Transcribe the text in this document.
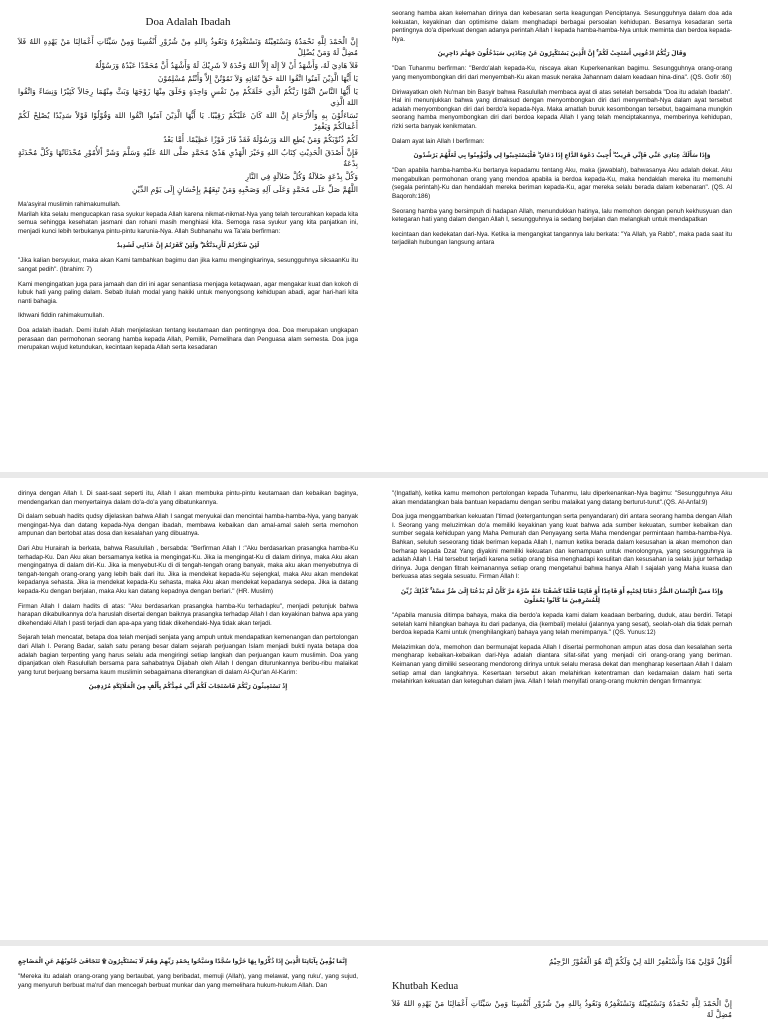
Doa Adalah Ibadah
إِنَّ الْحَمْدَ لِلَّهِ نَحْمَدُهُ وَنَسْتَعِيْنُهُ وَنَسْتَغْفِرُهُ وَنَعُوذُ بِاللهِ مِنْ شُرُوْرِ أَنْفُسِنَا وَمِنْ سَيِّئَاتِ أَعْمَالِنَا مَنْ يَهْدِهِ اللهُ فَلاَ مُضِلَّ لَهُ وَمَنْ يُضْلِلْ
فَلاَ هَادِيَ لَهُ، وَأَشْهَدُ أَنْ لاَ إِلَهَ إِلاَّ اللهُ وَحْدَهُ لاَ شَرِيْكَ لَهُ وَأَشْهَدُ أَنَّ مُحَمَّدًا عَبْدُهُ وَرَسُوْلُهُ
يَا أَيُّهَا الَّذِيْنَ آمَنُوا اتَّقُوا اللهَ حَقَّ تُقَاتِهِ وَلاَ تَمُوْتُنَّ إِلاَّ وَأَنْتُمْ مُسْلِمُوْنَ
يَا أَيُّهَا النَّاسُ اتَّقُوْا رَبَّكُمُ الَّذِي خَلَقَكُمْ مِنْ نَفْسٍ وَاحِدَةٍ وَخَلَقَ مِنْهَا زَوْجَهَا وَبَثَّ مِنْهُمَا رِجَالاً كَثِيْرًا وَنِسَاءً وَاتَّقُوا اللهَ الَّذِي
تَسَاءَلُوْنَ بِهِ وَاْلأَرْحَامَ إِنَّ اللهَ كَانَ عَلَيْكُمْ رَقِيْبًا. يَا أَيُّهَا الَّذِيْنَ آمَنُوا اتَّقُوا اللهَ وَقُوْلُوْا قَوْلاً سَدِيْدًا يُصْلِحْ لَكُمْ أَعْمَالَكُمْ وَيَغْفِرْ
لَكُمْ ذُنُوْبَكُمْ وَمَنْ يُطِعِ اللهَ وَرَسُوْلَهُ فَقَدْ فَازَ فَوْزًا عَظِيْمًا. أَمَّا بَعْدُ
فَإِنَّ أَصْدَقَ الْحَدِيْثِ كِتَابُ اللهِ وَخَيْرَ الْهَدْيِ هَدْيُ مُحَمَّدٍ صَلَّى اللهُ عَلَيْهِ وَسَلَّمَ وَشَرَّ اْلأُمُوْرِ مُحْدَثَاتُهَا وَكُلَّ مُحْدَثَةٍ بِدْعَةٌ
وَكُلَّ بِدْعَةٍ ضَلاَلَةٌ وَكُلَّ ضَلاَلَةٍ فِي النَّارِ
اللَّهُمَّ صَلِّ عَلَى مُحَمَّدٍ وَعَلَى آلِهِ وَصَحْبِهِ وَمَنْ تَبِعَهُمْ بِإِحْسَانٍ إِلَى يَوْمِ الدِّيْنِ

Ma'asyiral muslimin rahimakumullah.

Marilah kita selalu mengucapkan rasa syukur kepada Allah karena nikmat-nikmat-Nya yang telah tercurahkan kepada kita semua sehingga kesehatan jasmani dan rohani masih menghiasi kita. Semoga rasa syukur yang kita panjatkan ini, menjadi kunci lebih terbukanya pintu-pintu karunia-Nya. Allah Subhanahu wa Ta'ala berfirman:

لَئِنْ شَكَرْتُمْ لَأَزِيدَنَّكُمْ ۖ وَلَئِنْ كَفَرْتُمْ إِنَّ عَذَابِي لَشَدِيدٌ

"Jika kalian bersyukur, maka akan Kami tambahkan bagimu dan jika kamu mengingkarinya, sesungguhnya siksaanKu itu sangat pedih". (Ibrahim: 7)

Kami mengingatkan juga para jamaah dan diri ini agar senantiasa menjaga ketaqwaan, agar mengakar kuat dan kokoh di lubuk hati yang paling dalam. Sebab itulah modal yang hakiki untuk menyongsong kehidupan abadi, agar hari-hari kita nanti bahagia.

Ikhwani fiddin rahimakumullah.

Doa adalah ibadah. Demi itulah Allah menjelaskan tentang keutamaan dan pentingnya doa. Doa merupakan ungkapan perasaan dan permohonan seorang hamba kepada Allah, Pemilik, Pemelihara dan Penguasa alam semesta. Doa juga merupakan wujud ketundukan, kecintaan kepada Allah serta kesadaran

seorang hamba akan kelemahan dirinya dan kebesaran serta keagungan Penciptanya. Sesungguhnya dalam doa ada kekuatan, keyakinan dan optimisme dalam menghadapi berbagai persoalan kehidupan. Besarnya kesadaran serta pentingnya do'a diperkuat dengan adanya perintah Allah I kepada hamba-hamba-Nya untuk meminta dan berdoa kepada-Nya.

وَقَالَ رَبُّكُمُ ادْعُونِي أَسْتَجِبْ لَكُمْ ۚ إِنَّ الَّذِينَ يَسْتَكْبِرُونَ عَنْ عِبَادَتِي سَيَدْخُلُونَ جَهَنَّمَ دَاخِرِينَ

"Dan Tuhanmu berfirman: "Berdo'alah kepada-Ku, niscaya akan Kuperkenankan bagimu. Sesungguhnya orang-orang yang menyombongkan diri dari menyembah-Ku akan masuk neraka Jahannam dalam keadaan hina-dina". (QS. Gofir :60)

Diriwayatkan oleh Nu'man bin Basyir bahwa Rasulullah membaca ayat di atas setelah bersabda "Doa itu adalah Ibadah". Hal ini menunjukkan bahwa yang dimaksud dengan menyombongkan diri dari menyembah-Nya dalam ayat tersebut adalah menyombongkan diri dari berdo'a kepada-Nya. Maka amatlah buruk kesombongan tersebut, bagaimana mungkin seorang hamba menyombongkan diri dari berdoa kepada Allah I yang telah menciptakannya, memberinya kehidupan, rizki serta banyak kenikmatan.

Dalam ayat lain Allah I berfirman:

وَإِذَا سَأَلَكَ عِبَادِي عَنِّي فَإِنِّي قَرِيبٌ ۖ أُجِيبُ دَعْوَةَ الدَّاعِ إِذَا دَعَانِ ۖ فَلْيَسْتَجِيبُوا لِي وَلْيُؤْمِنُوا بِي لَعَلَّهُمْ يَرْشُدُونَ

"Dan apabila hamba-hamba-Ku bertanya kepadamu tentang Aku, maka (jawablah), bahwasanya Aku adalah dekat. Aku mengabulkan permohonan orang yang mendoa apabila ia berdoa kepada-Ku, maka hendaklah mereka itu memenuhi (segala perintah)-Ku dan hendaklah mereka beriman kepada-Ku, agar mereka selalu berada dalam kebenaran". (QS. Al Baqoroh:186)

Seorang hamba yang bersimpuh di hadapan Allah, menundukkan hatinya, lalu memohon dengan penuh kekhusyuan dan ketegaran hati yang dalam dengan Allah I, sesungguhnya ia sedang berjalan dan melangkah untuk mendapatkan

kecintaan dan kedekatan dari-Nya. Ketika ia mengangkat tangannya lalu berkata: "Ya Allah, ya Rabb", maka pada saat itu terjadilah hubungan langsung antara

dirinya dengan Allah I. Di saat-saat seperti itu, Allah I akan membuka pintu-pintu keutamaan dan kebaikan baginya, mendengarkan dan menyertainya dalam do'a-do'a yang dibatunkannya.

Di dalam sebuah hadits qudsy dijelaskan bahwa Allah I sangat menyukai dan mencintai hamba-hamba-Nya, yang banyak mengingat-Nya dan datang kepada-Nya dengan ibadah, membawa kebaikan dan amal-amal saleh serta memohon ampunan dan bertobat atas dosa dan kesalahan yang dibuatnya.

Dari Abu Hurairah ia berkata, bahwa Rasulullah , bersabda: "Berfirman Allah I :"Aku berdasarkan prasangka hamba-Ku terhadap-Ku. Dan Aku akan bersamanya ketika ia mengingat-Ku. Jika ia mengingat-Ku di dalam dirinya, maka Aku akan mengingatnya di dalam diri-Ku. Jika ia menyebut-Ku di di tengah-tengah orang banyak, maka aku akan menyebutnya di tengah-tengah orang-orang yang lebih baik dari itu. Jika ia mendekat kepada-Ku sejengkal, maka Aku akan mendekat kepadanya sehasta. Jika ia mendekat kepada-Ku sehasta, maka Aku akan mendekat kepadanya sedepa. Jika ia datang kepada-Ku dengan berjalan, maka Aku kan datang kepadnya dengan berlari." (HR. Muslim)

Firman Allah I dalam hadits di atas: "Aku berdasarkan prasangka hamba-Ku terhadapku", menjadi petunjuk bahwa harapan dikabulkannya do'a haruslah disertai dengan baiknya prasangka terhadap Allah I dan keyakinan bahwa apa yang dikehendaki Allah I pasti terjadi dan apa-apa yang tidak dikehendaki-Nya tidak akan terjadi.

Sejarah telah mencatat, betapa doa telah menjadi senjata yang ampuh untuk mendapatkan kemenangan dan pertolongan dari Allah I. Perang Badar, salah satu perang besar dalam sejarah perjuangan Islam menjadi bukti nyata betapa doa adalah bagian terpenting yang harus selalu ada mengiringi setiap langkah dan perjuangan kaum muslimin. Doa yang dipanjatkan oleh Rasulullah bersama para sahabatnya Dijabah oleh Allah I dengan diturunkannya beribu-ribu malaikat yang turut berjuang bersama kaum muslimin sebagaimana diterangkan di dalam Al-Qur'an Al-Karim:

إِذْ تَسْتَغِيثُونَ رَبَّكُمْ فَاسْتَجَابَ لَكُمْ أَنِّي مُمِدُّكُمْ بِأَلْفٍ مِنَ الْمَلَائِكَةِ مُرْدِفِينَ

"(Ingatlah), ketika kamu memohon pertolongan kepada Tuhanmu, lalu diperkenankan-Nya bagimu: "Sesungguhnya Aku akan mendatangkan bala bantuan kepadamu dengan seribu malaikat yang datang berturut-turut".(QS. Al-Anfal:9)

Doa juga menggambarkan kekuatan I'timad (ketergantungan serta penyandaran) diri antara seorang hamba dengan Allah I. Seorang yang meluzimkan do'a memiliki keyakinan yang kuat bahwa ada sumber kekuatan, sumber kebaikan dan sumber segala kehidupan yang Maha Pemurah dan Penyayang serta Maha mendengar permintaan hamba-hamba-Nya. Bahkan, seluluh seseorang tidak beriman kepada Allah I, namun ketika berada dalam kesusahan ia akan memohon dan berharap kepada Dzat Yang diyakini memiliki kekuatan dan kemampuan untuk menolongnya, yang sesungguhnya ia adalah Allah I. Hal tersebut terjadi karena setiap orang bisa menghadapi kesulitan dan kesusahan ia selalu jujur terhadap dirinya. Juga dengan fitrah keimanannya setiap orang mengetahui bahwa hanya Allah I sajalah yang Maha kuasa dan berkuasa atas segala sesuatu. Firman Allah I:

وَإِذَا مَسَّ الْإِنْسَانَ الضُّرُّ دَعَانَا لِجَنْبِهِ أَوْ قَاعِدًا أَوْ قَائِمًا فَلَمَّا كَشَفْنَا عَنْهُ ضُرَّهُ مَرَّ كَأَنْ لَمْ يَدْعُنَا إِلَىٰ ضُرٍّ مَسَّهُ ۚ كَذَٰلِكَ زُيِّنَ لِلْمُسْرِفِينَ مَا كَانُوا يَعْمَلُونَ

"Apabila manusia ditimpa bahaya, maka dia berdo'a kepada kami dalam keadaan berbaring, duduk, atau berdiri. Tetapi setelah kami hilangkan bahaya itu dari padanya, dia (kembali) melalui (jalannya yang sesat), seolah-olah dia tidak pernah berdoa kepada Kami untuk (menghilangkan) bahaya yang telah menimpanya." (QS. Yunus:12)

Melazimkan do'a, memohon dan bermunajat kepada Allah I disertai permohonan ampun atas dosa dan kesalahan serta mengharap kebaikan-kebaikan dari-Nya adalah diantara sifat-sifat yang menjadi ciri orang-orang yang beriman. Keimanan yang dimiliki seseorang mendorong dirinya untuk selalu merasa dekat dan mengharap kesertaan Allah I dalam setiap amal dan langkahnya. Kesertaan tersebut akan melahirkan ketentraman dan kedamaian dalam hati serta melahirkan kekuatan dan keteguhan dalam jiwa. Allah I telah menyifati orang-orang mukmin dengan firmannya:

إِنَّمَا يُؤْمِنُ بِآيَاتِنَا الَّذِينَ إِذَا ذُكِّرُوا بِهَا خَرُّوا سُجَّدًا وَسَبَّحُوا بِحَمْدِ رَبِّهِمْ وَهُمْ لَا يَسْتَكْبِرُونَ ۩ تَتَجَافَىٰ جُنُوبُهُمْ عَنِ الْمَضَاجِعِ

"Mereka itu adalah orang-orang yang bertaubat, yang beribadat, memuji (Allah), yang melawat, yang ruku', yang sujud, yang menyuruh berbuat ma'ruf dan mencegah berbuat munkar dan yang memelihara hukum-hukum Allah. Dan

أَقُوْلُ قَوْلِيْ هَذَا وَأَسْتَغْفِرُ اللهَ لِيْ وَلَكُمْ إِنَّهُ هُوَ الْغَفُوْرُ الرَّحِيْمُ
Khutbah Kedua
إِنَّ الْحَمْدَ لِلَّهِ نَحْمَدُهُ وَنَسْتَعِيْنُهُ وَنَسْتَغْفِرُهُ وَنَعُوذُ بِاللهِ مِنْ شُرُوْرِ أَنْفُسِنَا وَمِنْ سَيِّئَاتِ أَعْمَالِنَا مَنْ يَهْدِهِ اللهُ فَلاَ مُضِلَّ لَهُ
